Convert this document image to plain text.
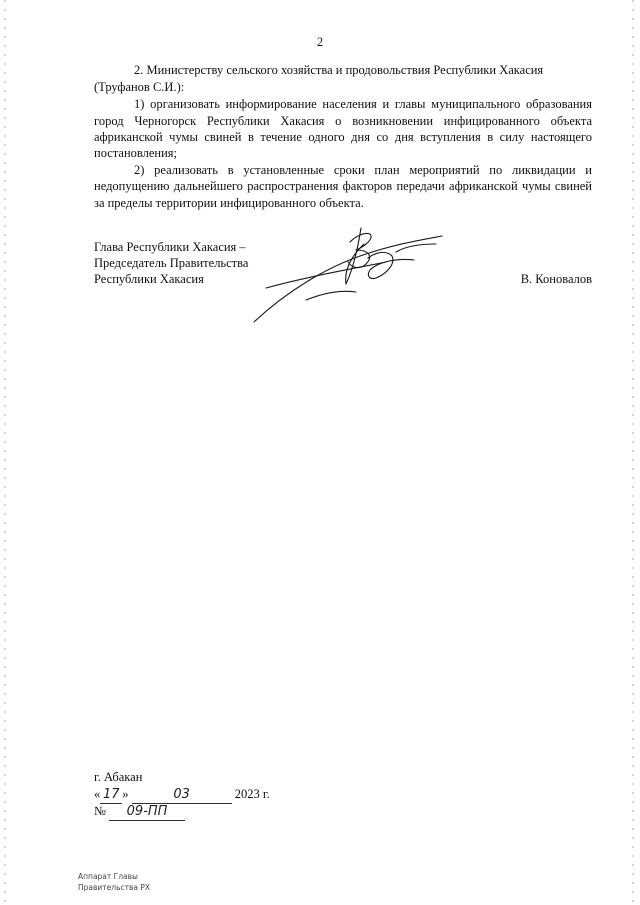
2

2. Министерству сельского хозяйства и продовольствия Республики Хакасия

(Труфанов С.И.):

1) организовать информирование населения и главы муниципального образования город Черногорск Республики Хакасия о возникновении инфицированного объекта африканской чумы свиней в течение одного дня со дня вступления в силу настоящего постановления;

2) реализовать в установленные сроки план мероприятий по ликвидации и недопущению дальнейшего распространения факторов передачи африканской чумы свиней за пределы территории инфицированного объекта.

Глава Республики Хакасия –
Председатель Правительства
Республики Хакасия	В. Коновалов
г. Абакан
« 17 »	03	2023 г.
№ 09-ПП
Аппарат Главы
Правительства РХ
